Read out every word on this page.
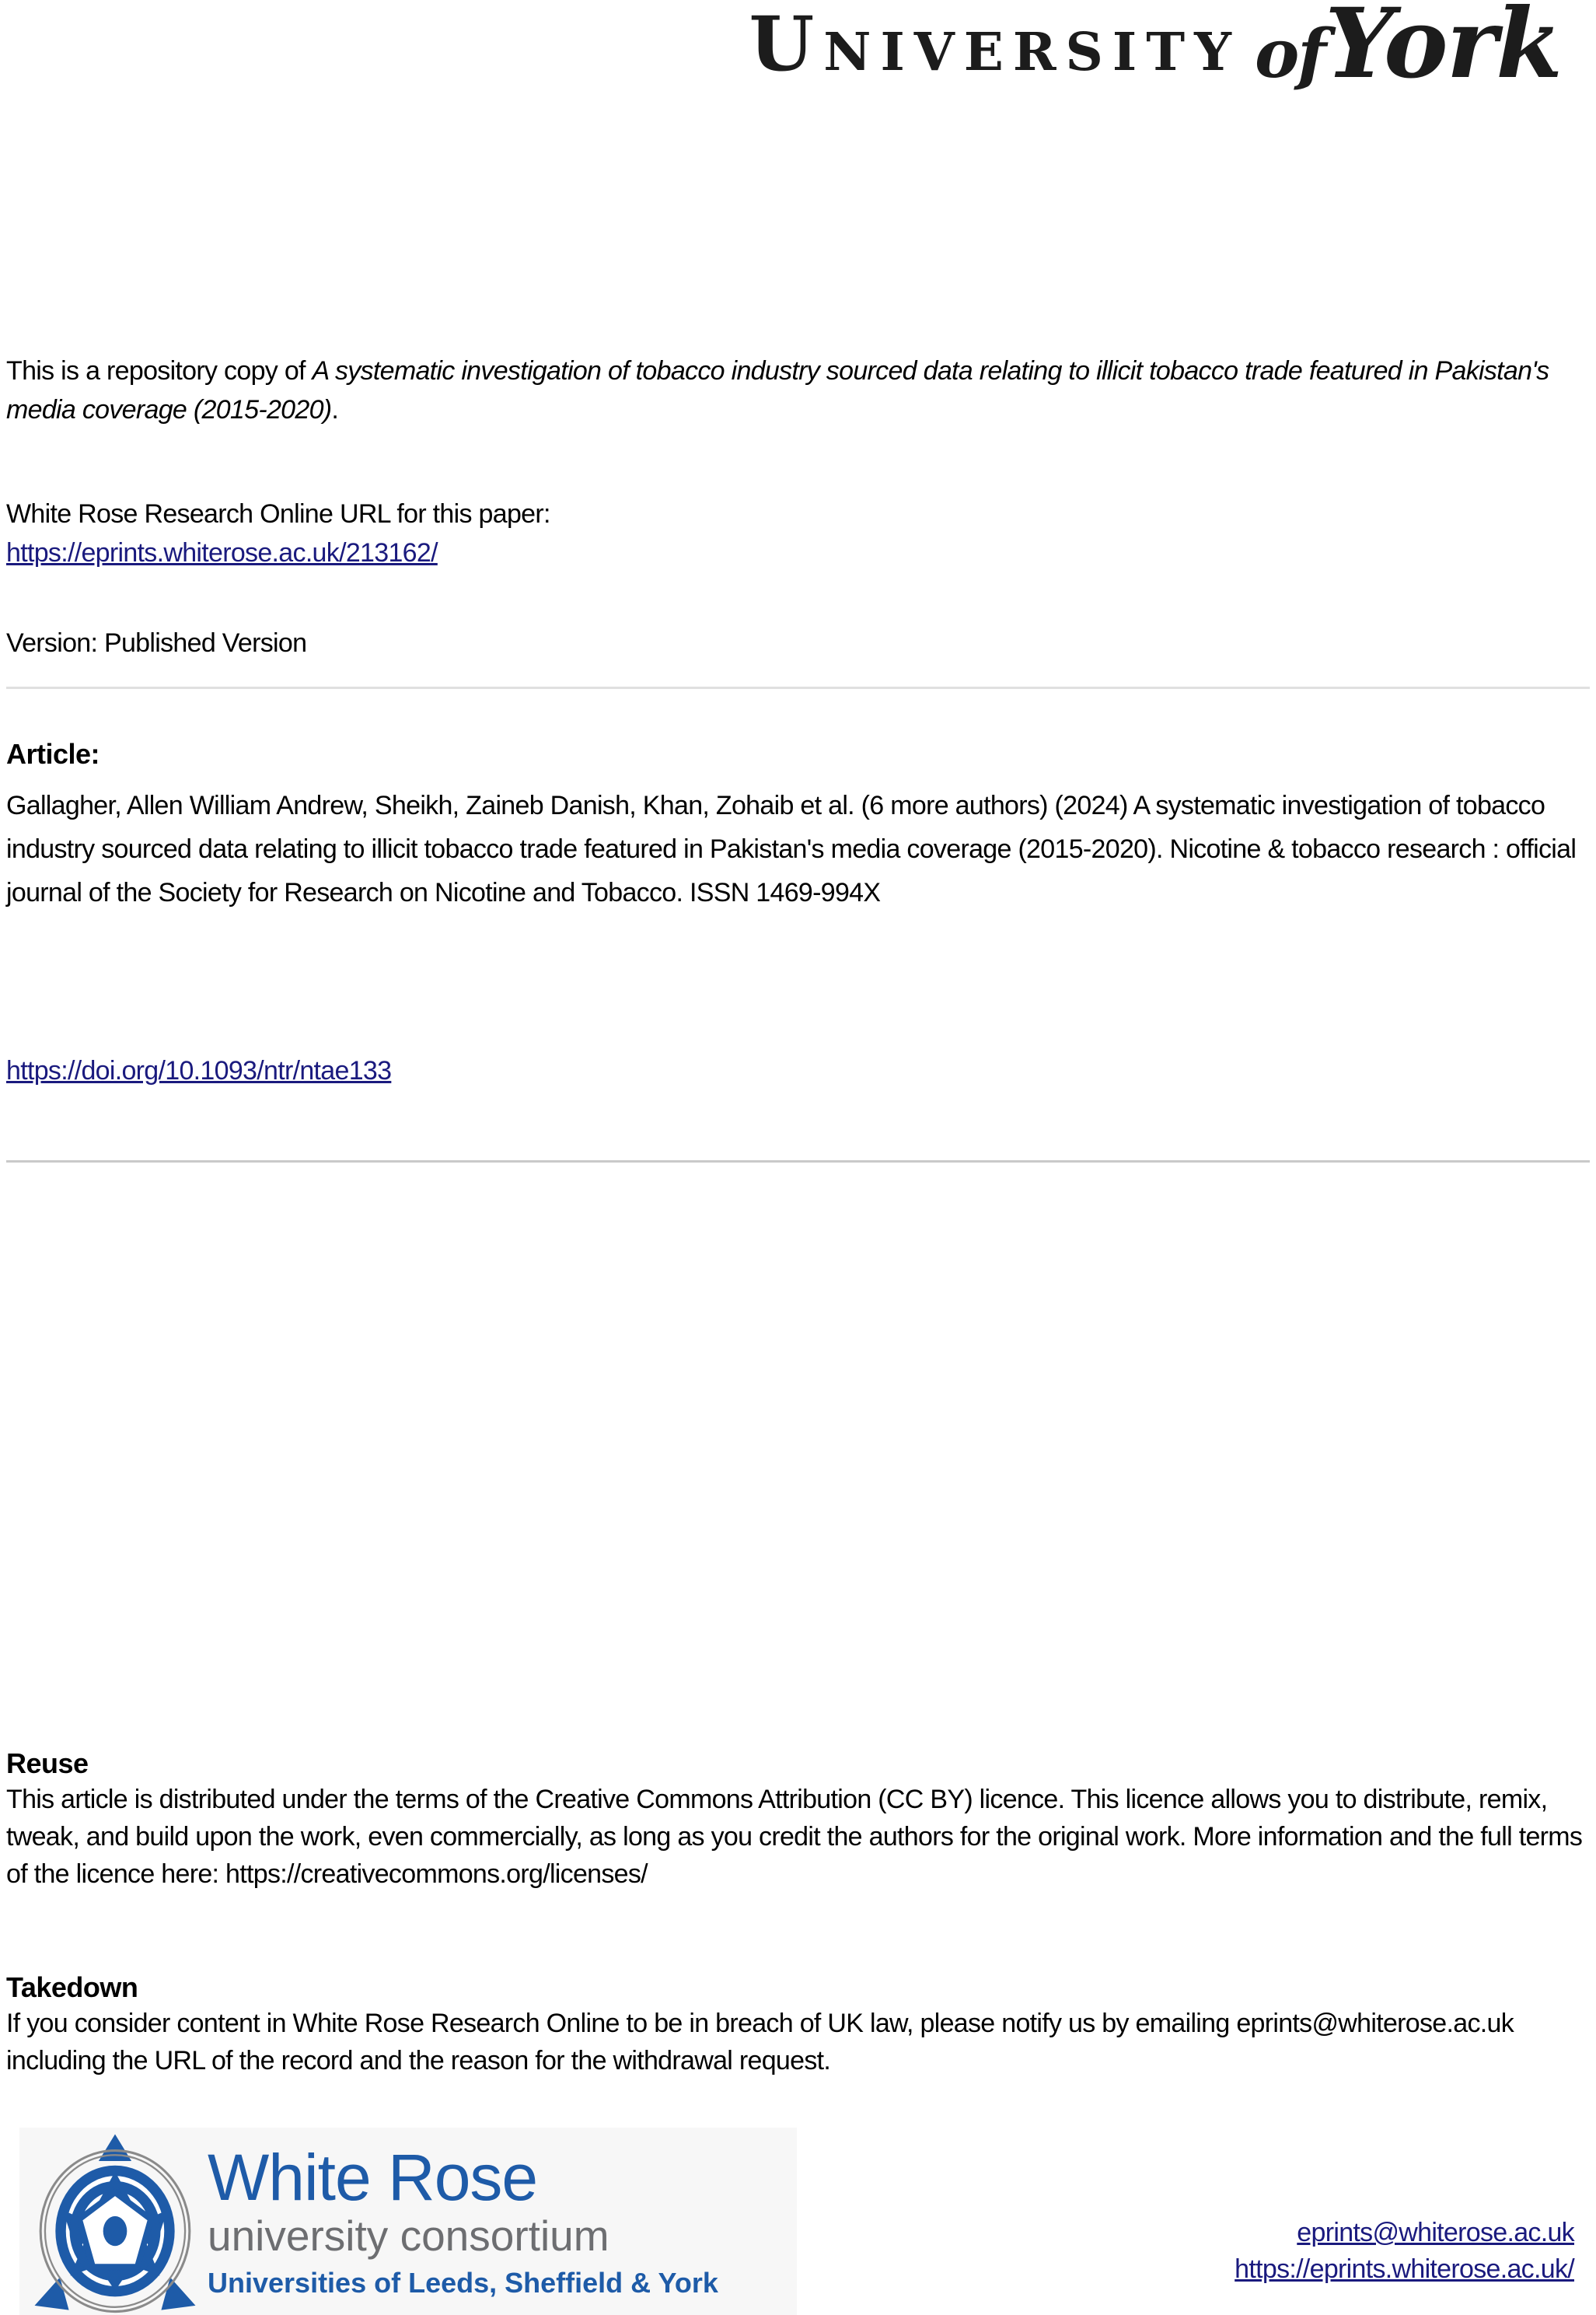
University ofYork
This is a repository copy of A systematic investigation of tobacco industry sourced data relating to illicit tobacco trade featured in Pakistan's media coverage (2015-2020).
White Rose Research Online URL for this paper:
https://eprints.whiterose.ac.uk/213162/
Version: Published Version
Article:
Gallagher, Allen William Andrew, Sheikh, Zaineb Danish, Khan, Zohaib et al. (6 more authors) (2024) A systematic investigation of tobacco industry sourced data relating to illicit tobacco trade featured in Pakistan's media coverage (2015-2020). Nicotine & tobacco research : official journal of the Society for Research on Nicotine and Tobacco. ISSN 1469-994X
https://doi.org/10.1093/ntr/ntae133
Reuse
This article is distributed under the terms of the Creative Commons Attribution (CC BY) licence. This licence allows you to distribute, remix, tweak, and build upon the work, even commercially, as long as you credit the authors for the original work. More information and the full terms of the licence here: https://creativecommons.org/licenses/
Takedown
If you consider content in White Rose Research Online to be in breach of UK law, please notify us by emailing eprints@whiterose.ac.uk including the URL of the record and the reason for the withdrawal request.
White Rose
university consortium
Universities of Leeds, Sheffield & York
eprints@whiterose.ac.uk
https://eprints.whiterose.ac.uk/
